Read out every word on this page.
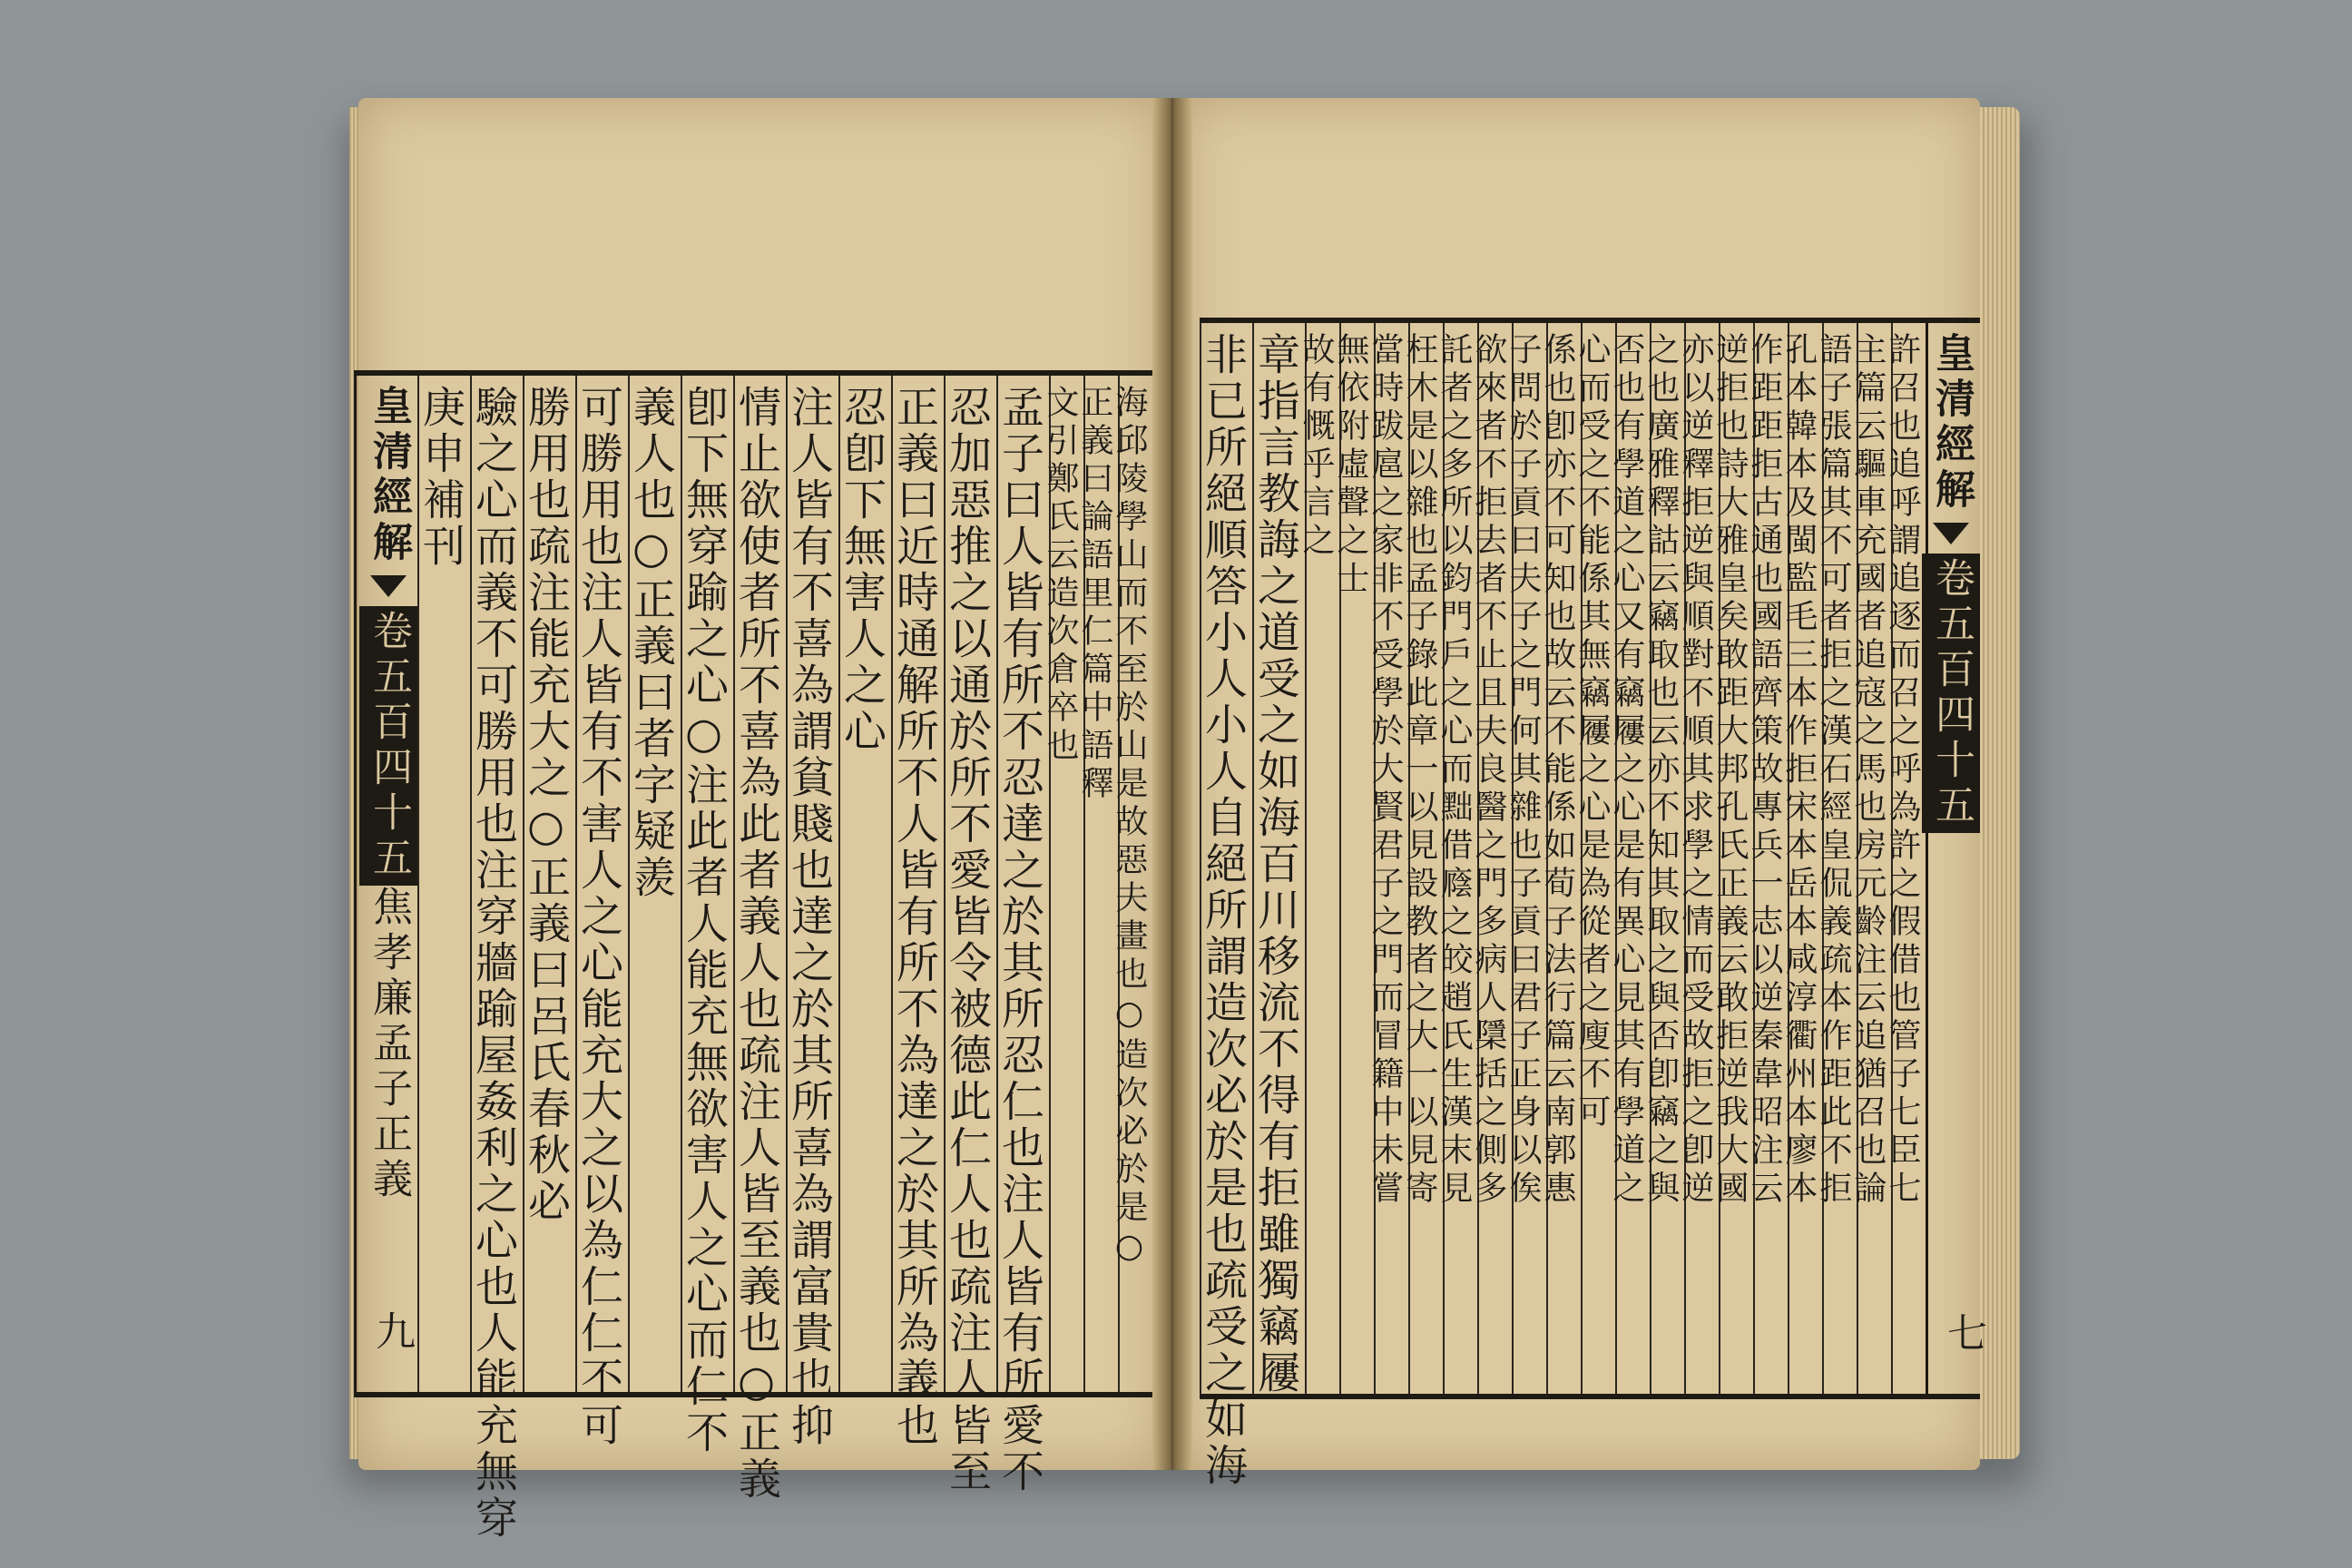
皇清經解卷五百四十五焦孝廉孟子正義
九
庚申補刊 驗之心而義不可勝用也注穿牆踰屋姦利之心也人能充無穿 勝用也疏注能充大之○正義曰呂氏春秋必 可勝用也注人皆有不害人之心能充大之以為仁仁不可 義人也○正義曰者字疑羨 卽下無穿踰之心○注此者人能充無欲害人之心而仁不 情止欲使者所不喜為此者義人也疏注人皆至義也○正義 注人皆有不喜為謂貧賤也達之於其所喜為謂富貴也抑 忍卽下無害人之心 正義曰近時通解所不人皆有所不為達之於其所為義也 忍加惡推之以通於所不愛皆令被德此仁人也疏注人皆至 孟子曰人皆有所不忍達之於其所忍仁也注人皆有所愛不
文引鄭氏云造次倉卒也
正義曰論語里仁篇中語釋
海邱陵學山而不至於山是故惡夫畫也○造次必於是○ 非已所絕順答小人小人自絕所謂造次必於是也疏受之如海 章指言教誨之道受之如海百川移流不得有拒雖獨竊屨
故有慨乎言之
無依附虛聲之士
當時跋扈之家非不受學於大賢君子之門而冒籍中未嘗
枉木是以雜也孟子錄此章一以見設教者之大一以見寄
託者之多所以鈞門戶之心而黜借廕之皎趙氏生漢末見
欲來者不拒去者不止且夫良醫之門多病人檃括之側多
子問於子貢曰夫子之門何其雜也子貢曰君子正身以俟
係也卽亦不可知也故云不能係如荀子法行篇云南郭惠
心而受之不能係其無竊屨之心是為從者之廋不可
否也有學道之心又有竊屨之心是有異心見其有學道之
之也廣雅釋詁云竊取也云亦不知其取之與否卽竊之與
亦以逆釋拒逆與順對不順其求學之情而受故拒之卽逆
逆拒也詩大雅皇矣敢距大邦孔氏正義云敢拒逆我大國
作距距拒古通也國語齊策故專兵一志以逆秦韋昭注云
孔本韓本及閩監毛三本作拒宋本岳本咸淳衢州本廖本
語子張篇其不可者拒之漢石經皇侃義疏本作距此不拒
主篇云驅車充國者追寇之馬也房元齡注云追猶召也論
許召也追呼謂追逐而召之呼為許之假借也管子七臣七 皇清經解卷五百四十五
七
